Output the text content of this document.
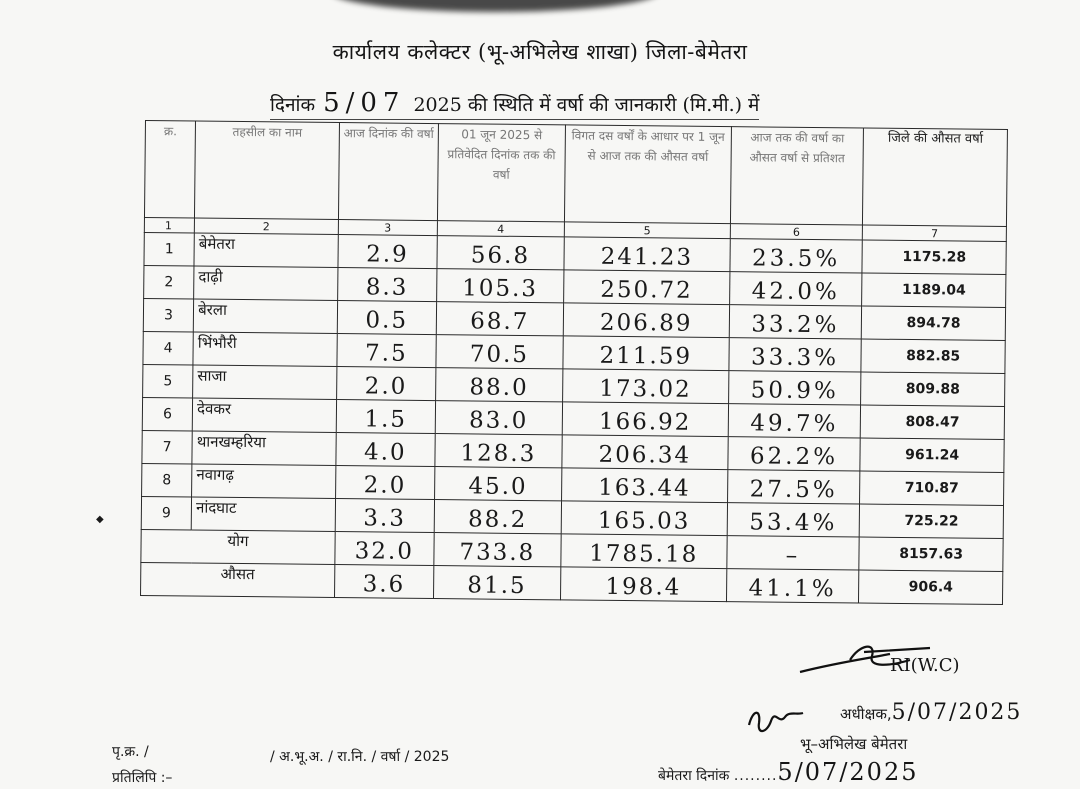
कार्यालय कलेक्टर (भू-अभिलेख शाखा) जिला-बेमेतरा
दिनांक 5/07 2025 की स्थिति में वर्षा की जानकारी (मि.मी.) में
क्र.	तहसील का नाम	आज दिनांक की वर्षा	01 जून 2025 से प्रतिवेदित दिनांक तक की वर्षा	विगत दस वर्षों के आधार पर 1 जून से आज तक की औसत वर्षा	आज तक की वर्षा का औसत वर्षा से प्रतिशत	जिले की औसत वर्षा
1	2	3	4	5	6	7
1	बेमेतरा	2.9	56.8	241.23	23.5%	1175.28
2	दाढ़ी	8.3	105.3	250.72	42.0%	1189.04
3	बेरला	0.5	68.7	206.89	33.2%	894.78
4	भिंभौरी	7.5	70.5	211.59	33.3%	882.85
5	साजा	2.0	88.0	173.02	50.9%	809.88
6	देवकर	1.5	83.0	166.92	49.7%	808.47
7	थानखम्हरिया	4.0	128.3	206.34	62.2%	961.24
8	नवागढ़	2.0	45.0	163.44	27.5%	710.87
9	नांदघाट	3.3	88.2	165.03	53.4%	725.22
योग		32.0	733.8	1785.18	–	8157.63
औसत		3.6	81.5	198.4	41.1%	906.4
◆
RI(W.C)
अधीक्षक,5/07/2025
भू–अभिलेख बेमेतरा
पृ.क्र. /	/ अ.भू.अ. / रा.नि. / वर्षा / 2025
प्रतिलिपि :–	बेमेतरा दिनांक ........5/07/2025
